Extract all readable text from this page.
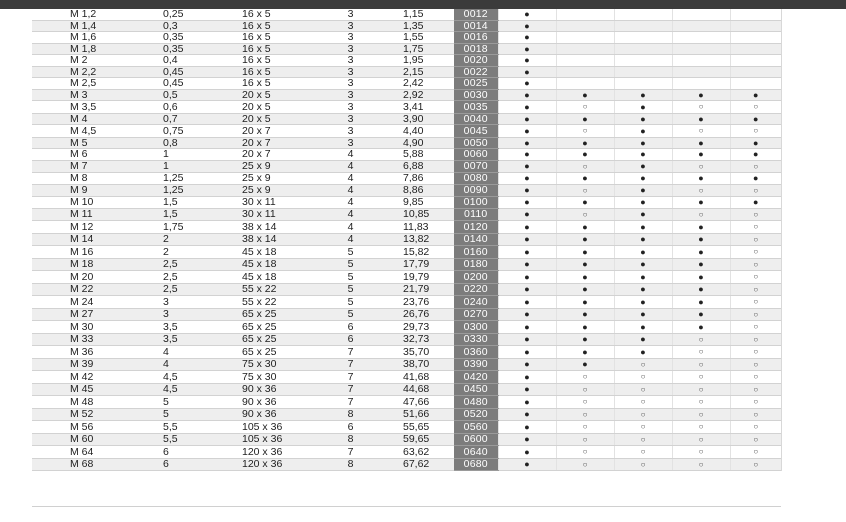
M 1,2	0,25	16 x 5	3	1,15	0012	●				
M 1,4	0,3	16 x 5	3	1,35	0014	●				
M 1,6	0,35	16 x 5	3	1,55	0016	●				
M 1,8	0,35	16 x 5	3	1,75	0018	●				
M 2	0,4	16 x 5	3	1,95	0020	●				
M 2,2	0,45	16 x 5	3	2,15	0022	●				
M 2,5	0,45	16 x 5	3	2,42	0025	●				
M 3	0,5	20 x 5	3	2,92	0030	●	●	●	●	●
M 3,5	0,6	20 x 5	3	3,41	0035	●	○	●	○	○
M 4	0,7	20 x 5	3	3,90	0040	●	●	●	●	●
M 4,5	0,75	20 x 7	3	4,40	0045	●	○	●	○	○
M 5	0,8	20 x 7	3	4,90	0050	●	●	●	●	●
M 6	1	20 x 7	4	5,88	0060	●	●	●	●	●
M 7	1	25 x 9	4	6,88	0070	●	○	●	○	○
M 8	1,25	25 x 9	4	7,86	0080	●	●	●	●	●
M 9	1,25	25 x 9	4	8,86	0090	●	○	●	○	○
M 10	1,5	30 x 11	4	9,85	0100	●	●	●	●	●
M 11	1,5	30 x 11	4	10,85	0110	●	○	●	○	○
M 12	1,75	38 x 14	4	11,83	0120	●	●	●	●	○
M 14	2	38 x 14	4	13,82	0140	●	●	●	●	○
M 16	2	45 x 18	5	15,82	0160	●	●	●	●	○
M 18	2,5	45 x 18	5	17,79	0180	●	●	●	●	○
M 20	2,5	45 x 18	5	19,79	0200	●	●	●	●	○
M 22	2,5	55 x 22	5	21,79	0220	●	●	●	●	○
M 24	3	55 x 22	5	23,76	0240	●	●	●	●	○
M 27	3	65 x 25	5	26,76	0270	●	●	●	●	○
M 30	3,5	65 x 25	6	29,73	0300	●	●	●	●	○
M 33	3,5	65 x 25	6	32,73	0330	●	●	●	○	○
M 36	4	65 x 25	7	35,70	0360	●	●	●	○	○
M 39	4	75 x 30	7	38,70	0390	●	●	○	○	○
M 42	4,5	75 x 30	7	41,68	0420	●	○	○	○	○
M 45	4,5	90 x 36	7	44,68	0450	●	○	○	○	○
M 48	5	90 x 36	7	47,66	0480	●	○	○	○	○
M 52	5	90 x 36	8	51,66	0520	●	○	○	○	○
M 56	5,5	105 x 36	6	55,65	0560	●	○	○	○	○
M 60	5,5	105 x 36	8	59,65	0600	●	○	○	○	○
M 64	6	120 x 36	7	63,62	0640	●	○	○	○	○
M 68	6	120 x 36	8	67,62	0680	●	○	○	○	○
